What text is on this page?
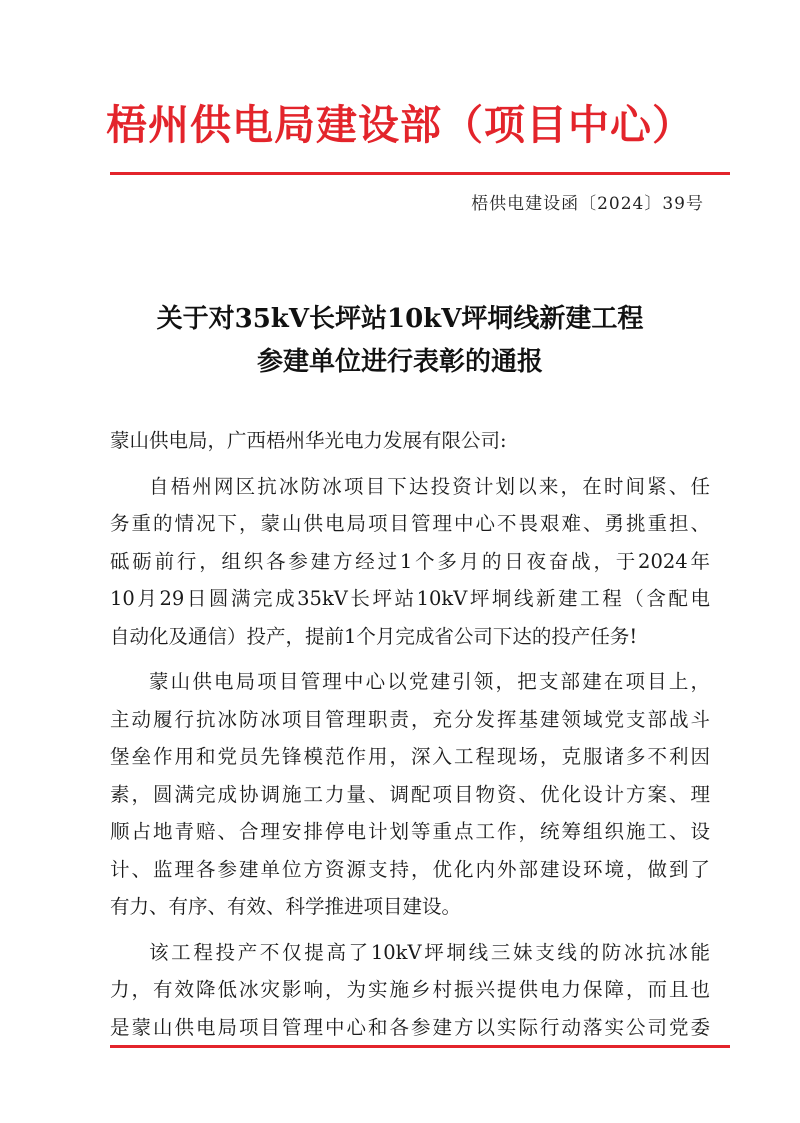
梧州供电局建设部（项目中心）
梧供电建设函〔2024〕39号
关于对35kV长坪站10kV坪垌线新建工程
参建单位进行表彰的通报
蒙山供电局，广西梧州华光电力发展有限公司:
自梧州网区抗冰防冰项目下达投资计划以来，在时间紧、任
务重的情况下，蒙山供电局项目管理中心不畏艰难、勇挑重担、
砥砺前行，组织各参建方经过1个多月的日夜奋战，于2024年
10月29日圆满完成35kV长坪站10kV坪垌线新建工程（含配电
自动化及通信）投产，提前1个月完成省公司下达的投产任务!
蒙山供电局项目管理中心以党建引领，把支部建在项目上，
主动履行抗冰防冰项目管理职责，充分发挥基建领域党支部战斗
堡垒作用和党员先锋模范作用，深入工程现场，克服诸多不利因
素，圆满完成协调施工力量、调配项目物资、优化设计方案、理
顺占地青赔、合理安排停电计划等重点工作，统筹组织施工、设
计、监理各参建单位方资源支持，优化内外部建设环境，做到了
有力、有序、有效、科学推进项目建设。
该工程投产不仅提高了10kV坪垌线三妹支线的防冰抗冰能
力，有效降低冰灾影响，为实施乡村振兴提供电力保障，而且也
是蒙山供电局项目管理中心和各参建方以实际行动落实公司党委
